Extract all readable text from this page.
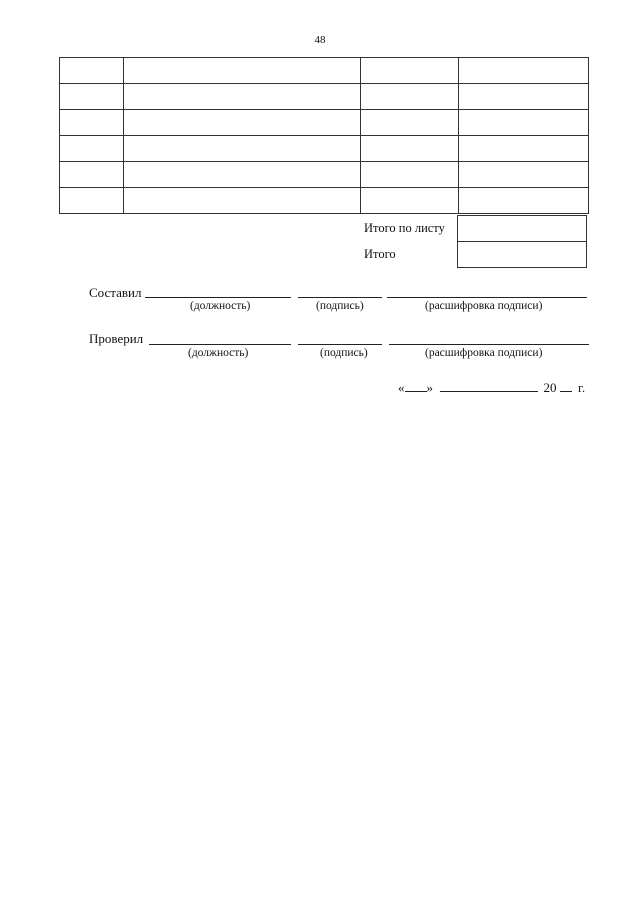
48

Итого по листу
Итого
Составил
(должность)	(подпись)	(расшифровка подписи)
Проверил
(должность)	(подпись)	(расшифровка подписи)
« »	20 г.
